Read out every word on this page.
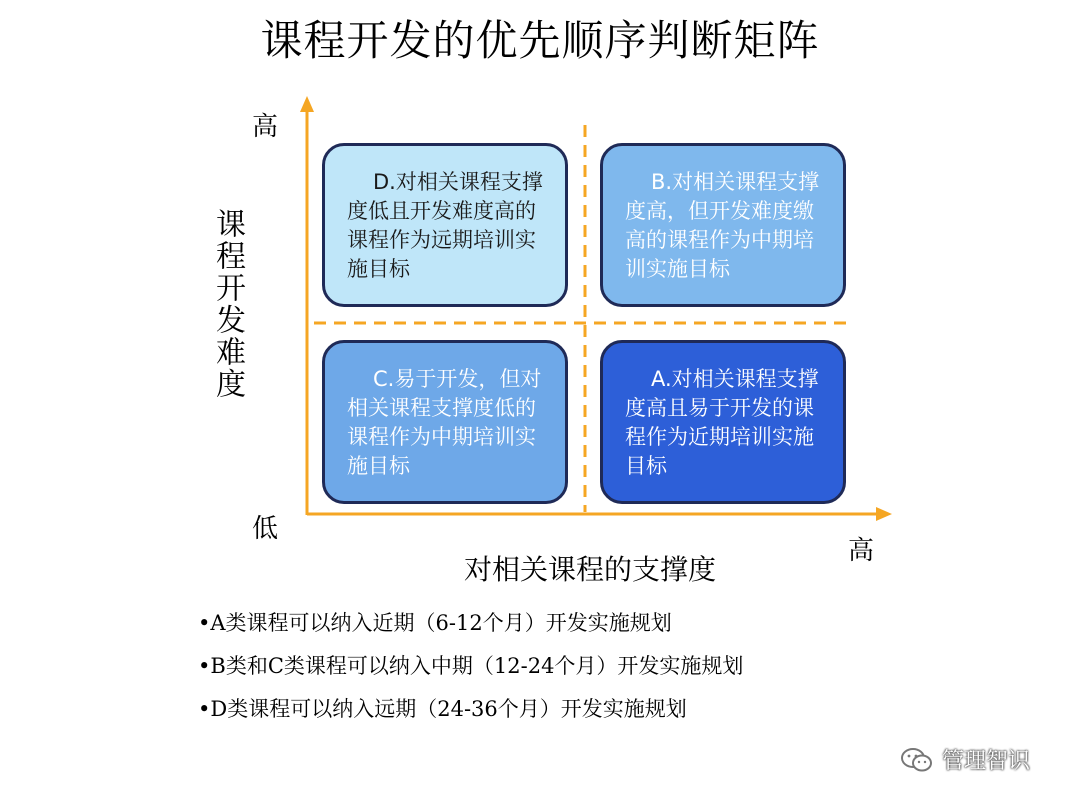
课程开发的优先顺序判断矩阵
高
低
高
课程开发难度
对相关课程的支撑度
D.对相关课程支撑度低且开发难度高的课程作为远期培训实施目标
B.对相关课程支撑度高，但开发难度缴高的课程作为中期培训实施目标
C.易于开发，但对相关课程支撑度低的课程作为中期培训实施目标
A.对相关课程支撑度高且易于开发的课程作为近期培训实施目标
•A类课程可以纳入近期（6-12个月）开发实施规划
•B类和C类课程可以纳入中期（12-24个月）开发实施规划
•D类课程可以纳入远期（24-36个月）开发实施规划
管理智识
